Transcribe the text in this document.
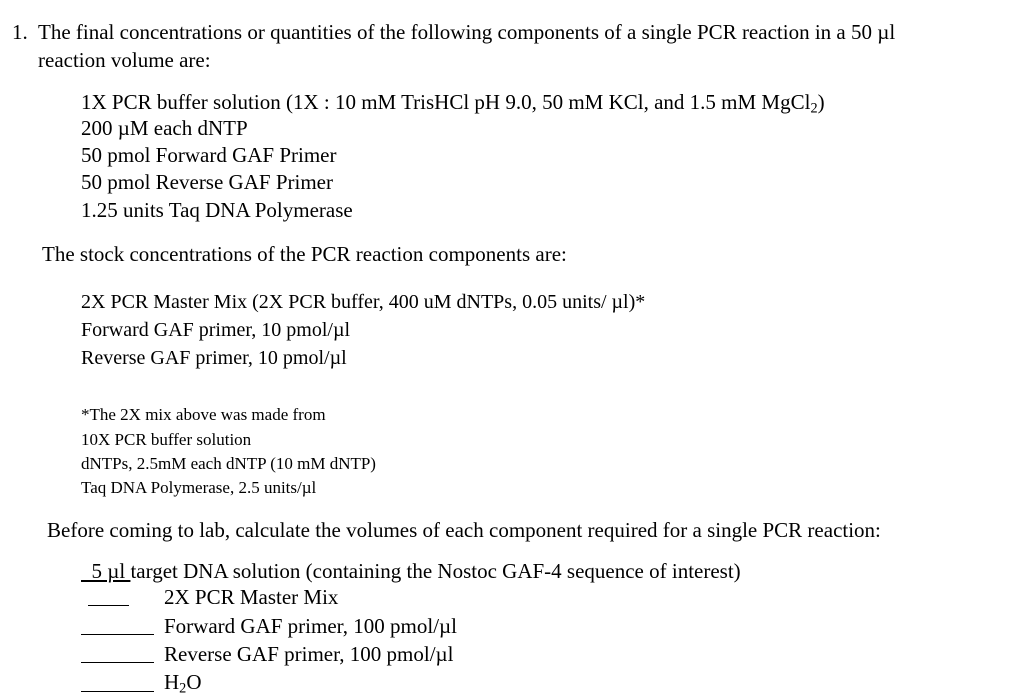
1. The final concentrations or quantities of the following components of a single PCR reaction in a 50 µl
reaction volume are:
1X PCR buffer solution (1X : 10 mM TrisHCl pH 9.0, 50 mM KCl, and 1.5 mM MgCl$_2$)
200 µM each dNTP
50 pmol Forward GAF Primer
50 pmol Reverse GAF Primer
1.25 units Taq DNA Polymerase
The stock concentrations of the PCR reaction components are:
2X PCR Master Mix (2X PCR buffer, 400 uM dNTPs, 0.05 units/ µl)*
Forward GAF primer, 10 pmol/µl
Reverse GAF primer, 10 pmol/µl
*The 2X mix above was made from
10X PCR buffer solution
dNTPs, 2.5mM each dNTP (10 mM dNTP)
Taq DNA Polymerase, 2.5 units/µl
Before coming to lab, calculate the volumes of each component required for a single PCR reaction:
5 µl target DNA solution (containing the Nostoc GAF-4 sequence of interest)
2X PCR Master Mix
Forward GAF primer, 100 pmol/µl
Reverse GAF primer, 100 pmol/µl
$H_2O$
